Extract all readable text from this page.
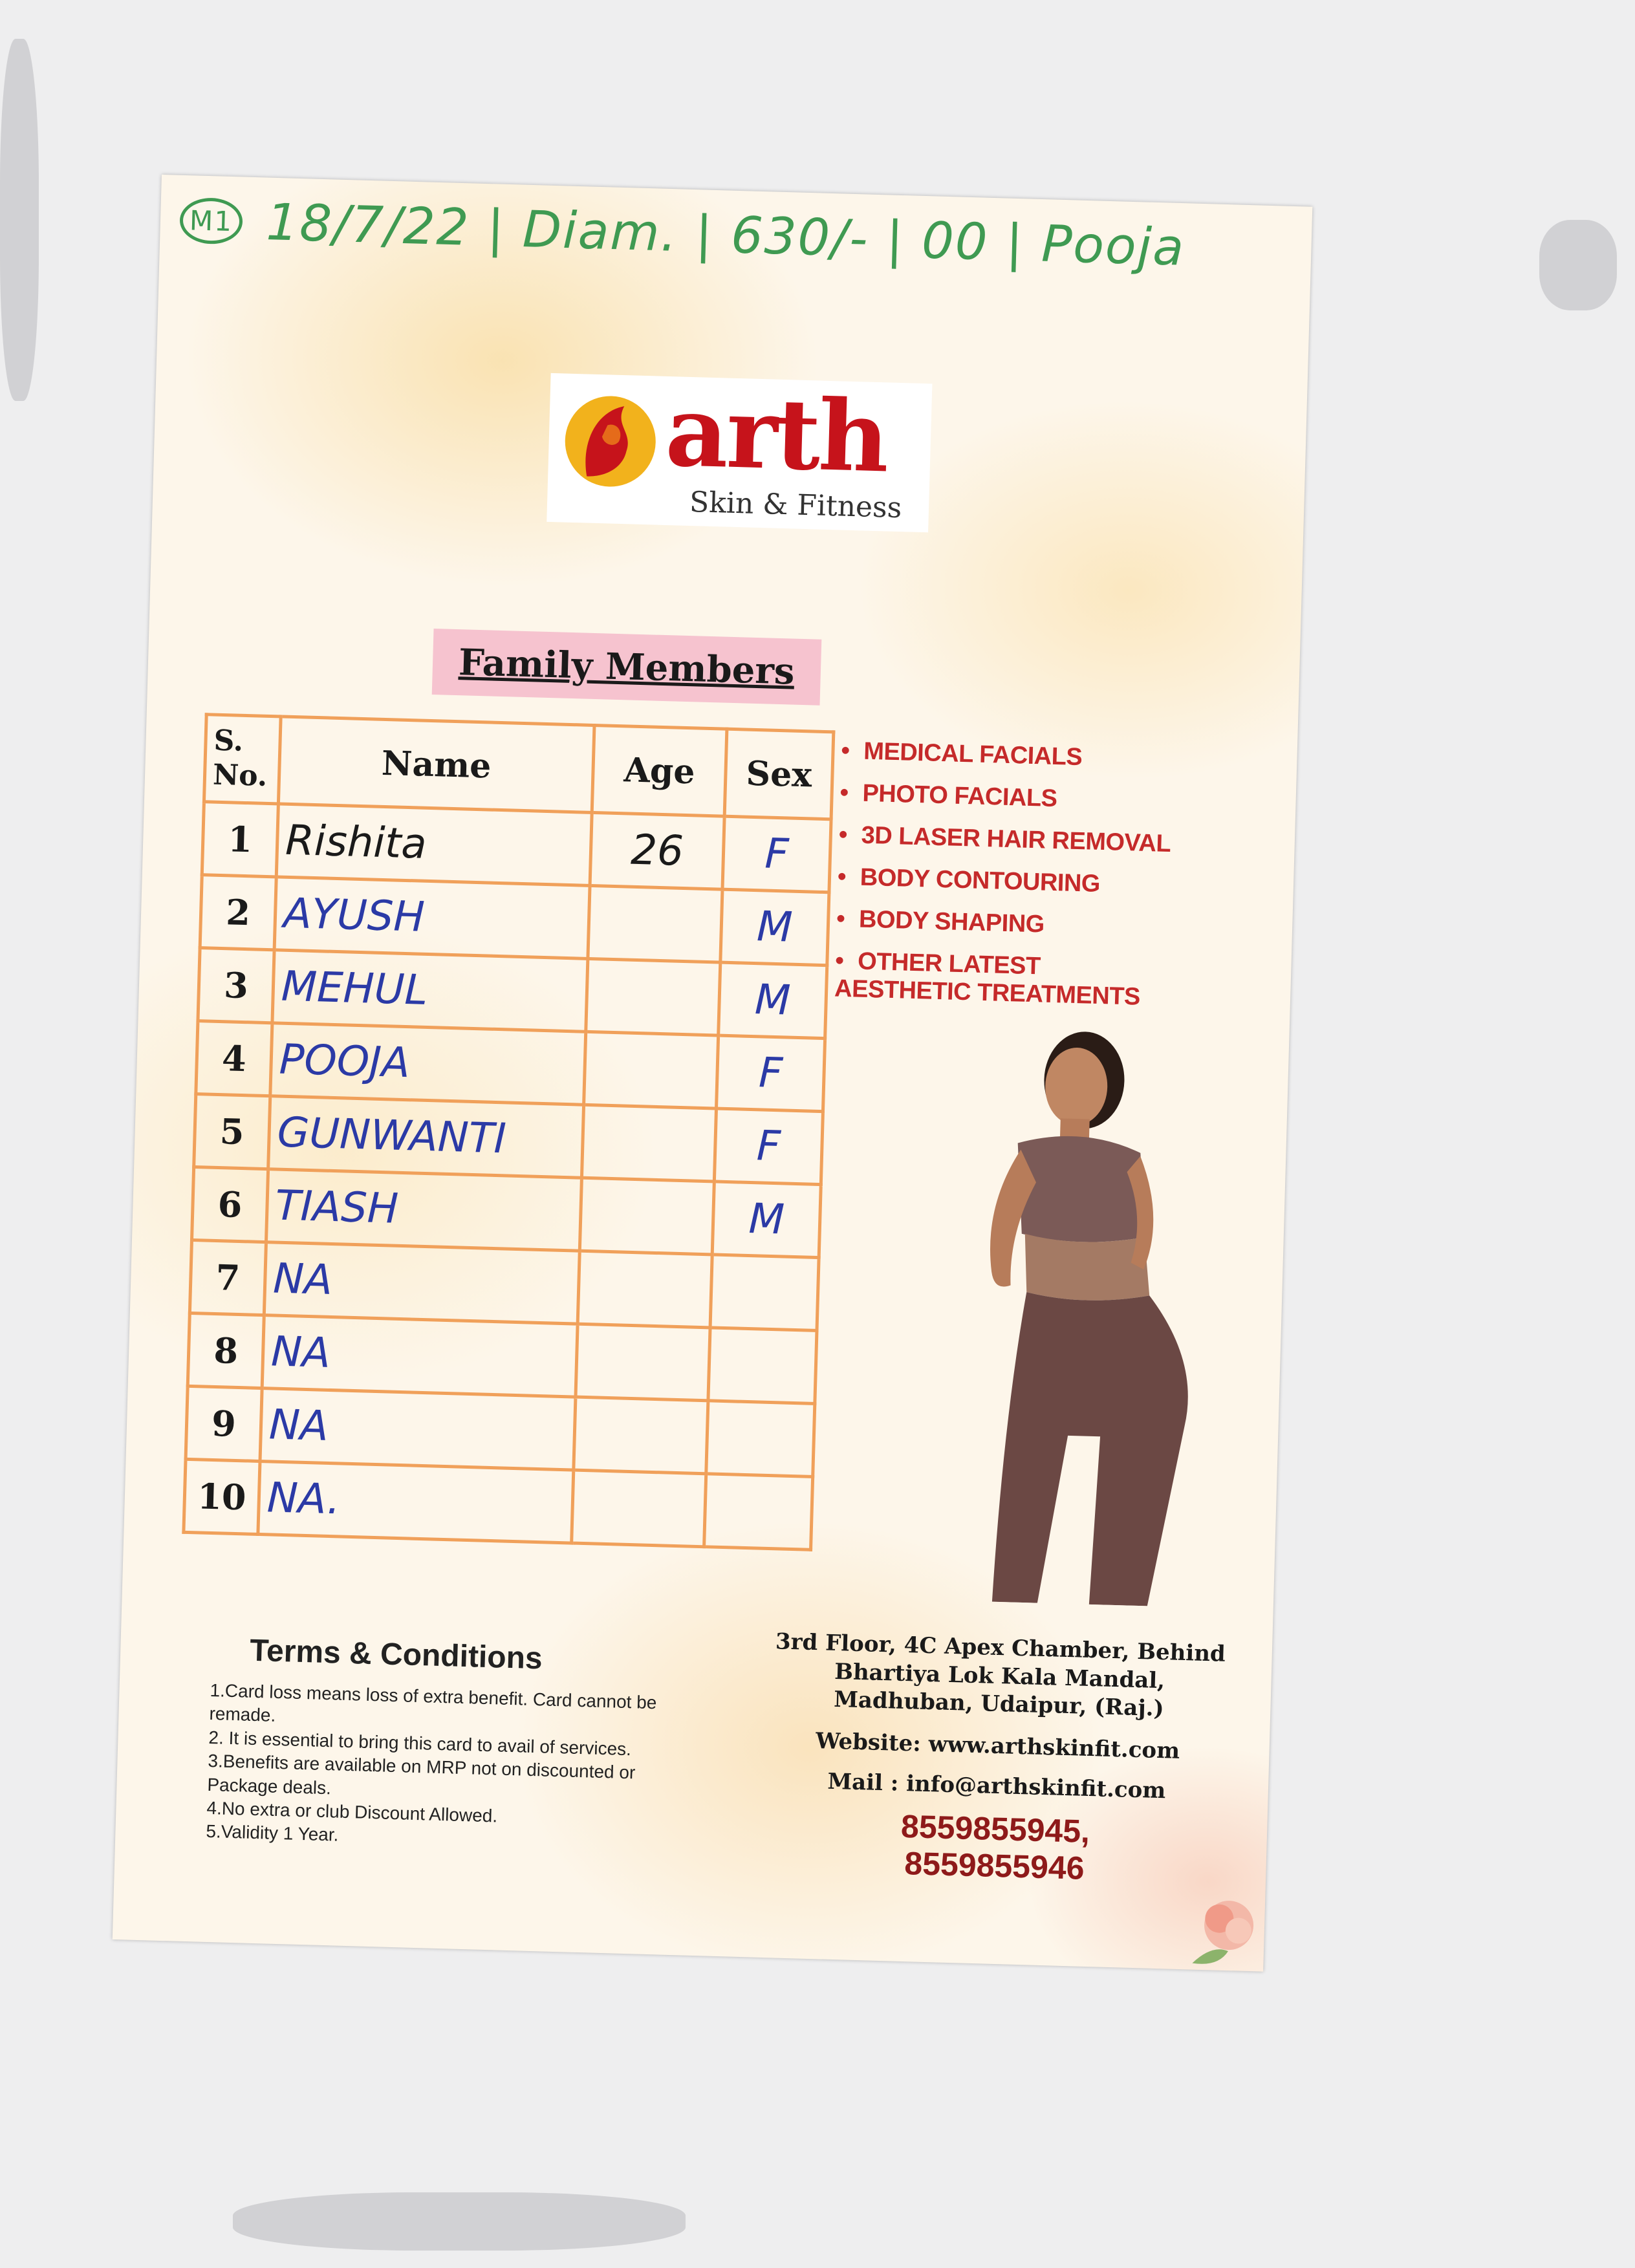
M1 18/7/22 | Diam. | 630/- | 00 | Pooja
arth
Skin & Fitness
Family Members
S. No.	Name	Age	Sex
1	Rishita	26	F
2	AYUSH		M
3	MEHUL		M
4	POOJA		F
5	GUNWANTI		F
6	TIASH		M
7	NA		
8	NA		
9	NA		
10	NA.		
• MEDICAL FACIALS
• PHOTO FACIALS
• 3D LASER HAIR REMOVAL
• BODY CONTOURING
• BODY SHAPING
• OTHER LATEST AESTHETIC TREATMENTS
Terms & Conditions

1.Card loss means loss of extra benefit. Card cannot be remade.

2. It is essential to bring this card to avail of services.

3.Benefits are available on MRP not on discounted or Package deals.

4.No extra or club Discount Allowed.

5.Validity 1 Year.

3rd Floor, 4C Apex Chamber, Behind Bhartiya Lok Kala Mandal, Madhuban, Udaipur, (Raj.)

Website: www.arthskinfit.com

Mail : info@arthskinfit.com

8559855945,

8559855946
